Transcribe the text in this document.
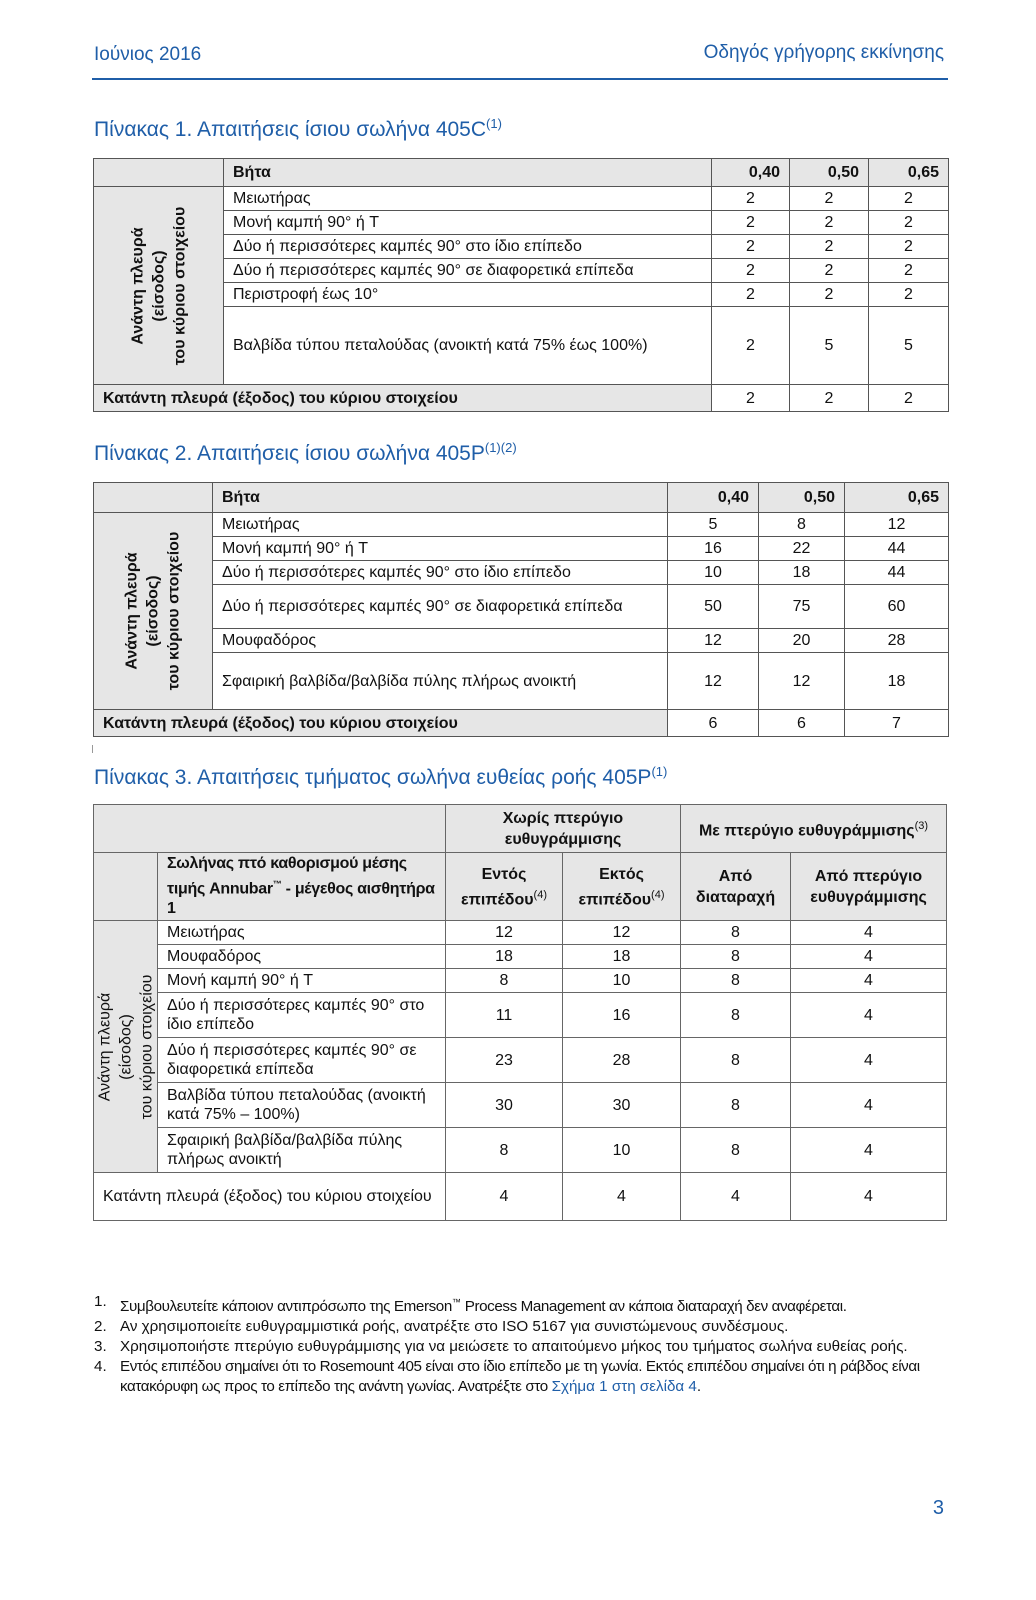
Ιούνιος 2016	Οδηγός γρήγορης εκκίνησης
Πίνακας 1. Απαιτήσεις ίσιου σωλήνα $405C^{(1)}$
	Βήτα	0,40	0,50	0,65

Ανάντη πλευρά (είσοδος) του κύριου στοιχείου	Μειωτήρας	2	2	2
	Μονή καμπή 90° ή T	2	2	2
	Δύο ή περισσότερες καμπές 90° στο ίδιο επίπεδο	2	2	2
	Δύο ή περισσότερες καμπές 90° σε διαφορετικά επίπεδα	2	2	2
	Περιστροφή έως 10°	2	2	2
	Βαλβίδα τύπου πεταλούδας (ανοικτή κατά 75% έως 100%)	2	5	5
Κατάντη πλευρά (έξοδος) του κύριου στοιχείου		2	2	2
Πίνακας 2. Απαιτήσεις ίσιου σωλήνα $405P^{(1)(2)}$
	Βήτα	0,40	0,50	0,65

Ανάντη πλευρά (είσοδος) του κύριου στοιχείου	Μειωτήρας	5	8	12
	Μονή καμπή 90° ή T	16	22	44
	Δύο ή περισσότερες καμπές 90° στο ίδιο επίπεδο	10	18	44
	Δύο ή περισσότερες καμπές 90° σε διαφορετικά επίπεδα	50	75	60
	Μουφαδόρος	12	20	28
	Σφαιρική βαλβίδα/βαλβίδα πύλης πλήρως ανοικτή	12	12	18
Κατάντη πλευρά (έξοδος) του κύριου στοιχείου		6	6	7
Πίνακας 3. Απαιτήσεις τμήματος σωλήνα ευθείας ροής $405P^{(1)}$
		Χωρίς πτερύγιο ευθυγράμμισης		Με πτερύγιο ευθυγράμμισης$^{(3)}$
	Σωλήνας πτό καθορισμού μέσης τιμής Annubar™ - μέγεθος αισθητήρα 1	Εντός επιπέδου$^{(4)}$	Εκτός επιπέδου$^{(4)}$	Από διαταραχή	Από πτερύγιο ευθυγράμμισης

Ανάντη πλευρά (είσοδος) του κύριου στοιχείου	Μειωτήρας	12	12	8	4
	Μουφαδόρος	18	18	8	4
	Μονή καμπή 90° ή T	8	10	8	4
	Δύο ή περισσότερες καμπές 90° στο ίδιο επίπεδο	11	16	8	4
	Δύο ή περισσότερες καμπές 90° σε διαφορετικά επίπεδα	23	28	8	4
	Βαλβίδα τύπου πεταλούδας (ανοικτή κατά 75% – 100%)	30	30	8	4
	Σφαιρική βαλβίδα/βαλβίδα πύλης πλήρως ανοικτή	8	10	8	4
Κατάντη πλευρά (έξοδος) του κύριου στοιχείου		4	4	4	4
1. Συμβουλευτείτε κάποιον αντιπρόσωπο της Emerson™ Process Management αν κάποια διαταραχή δεν αναφέρεται.
2. Αν χρησιμοποιείτε ευθυγραμμιστικά ροής, ανατρέξτε στο ISO 5167 για συνιστώμενους συνδέσμους.
3. Χρησιμοποιήστε πτερύγιο ευθυγράμμισης για να μειώσετε το απαιτούμενο μήκος του τμήματος σωλήνα ευθείας ροής.
4. Εντός επιπέδου σημαίνει ότι το Rosemount 405 είναι στο ίδιο επίπεδο με τη γωνία. Εκτός επιπέδου σημαίνει ότι η ράβδος είναι κατακόρυφη ως προς το επίπεδο της ανάντη γωνίας. Ανατρέξτε στο Σχήμα 1 στη σελίδα 4.
3
